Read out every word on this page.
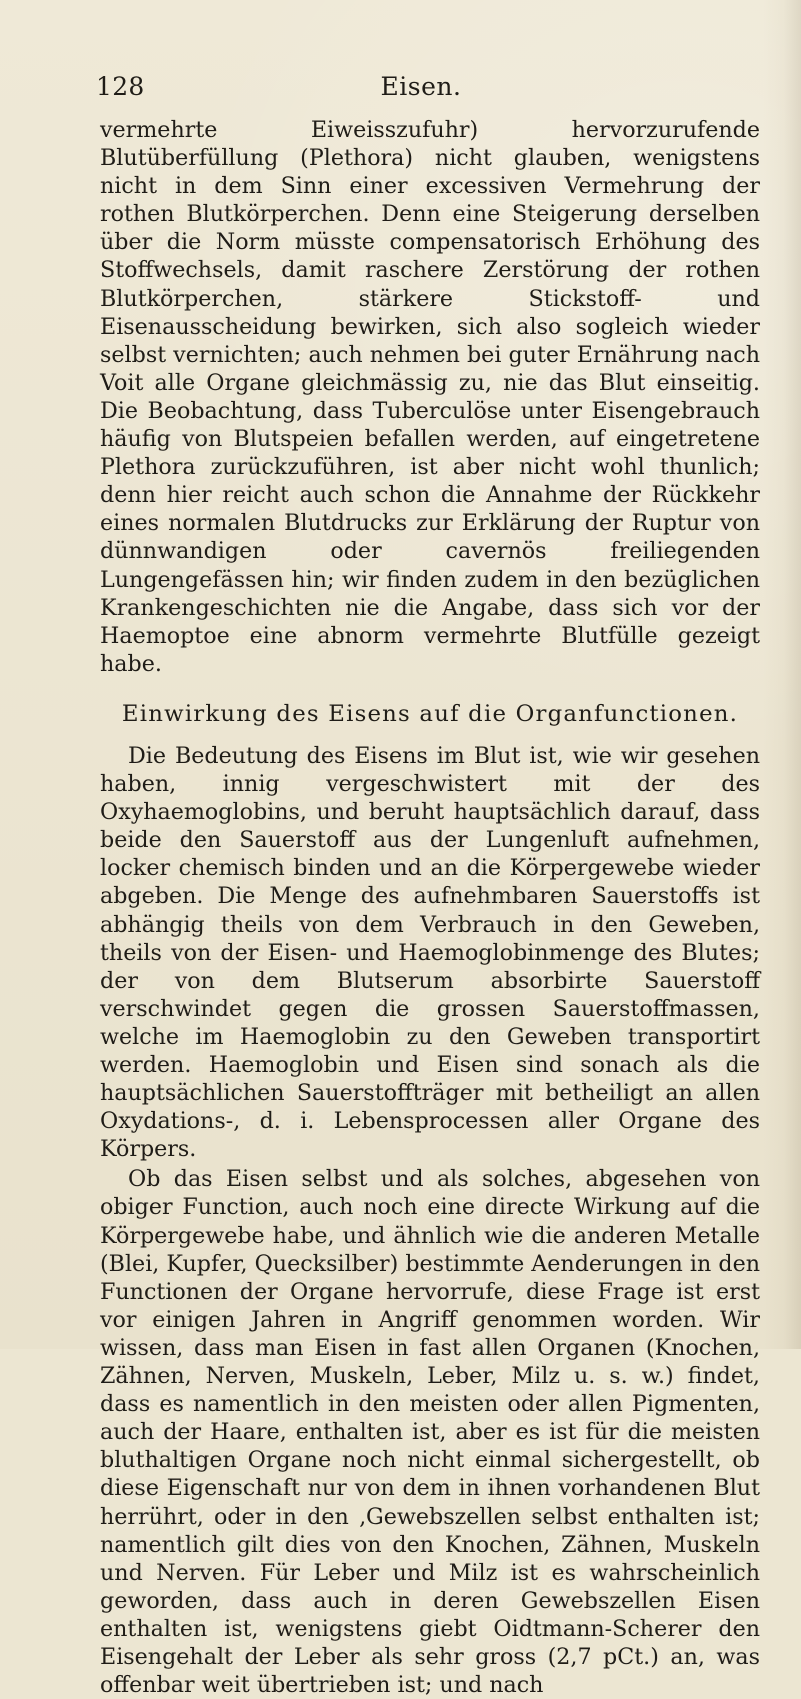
128	Eisen.

vermehrte Eiweisszufuhr) hervorzurufende Blutüberfüllung (Plethora) nicht glauben, wenigstens nicht in dem Sinn einer excessiven Vermehrung der rothen Blutkörperchen. Denn eine Steigerung derselben über die Norm müsste compensatorisch Erhöhung des Stoffwechsels, damit raschere Zerstörung der rothen Blutkörperchen, stärkere Stickstoff- und Eisenausscheidung bewirken, sich also sogleich wieder selbst vernichten; auch nehmen bei guter Ernährung nach Voit alle Organe gleichmässig zu, nie das Blut einseitig. Die Beobachtung, dass Tuberculöse unter Eisengebrauch häufig von Blutspeien befallen werden, auf eingetretene Plethora zurückzuführen, ist aber nicht wohl thunlich; denn hier reicht auch schon die Annahme der Rückkehr eines normalen Blutdrucks zur Erklärung der Ruptur von dünnwandigen oder cavernös freiliegenden Lungengefässen hin; wir finden zudem in den bezüglichen Krankengeschichten nie die Angabe, dass sich vor der Haemoptoe eine abnorm vermehrte Blutfülle gezeigt habe.

Einwirkung des Eisens auf die Organfunctionen.

Die Bedeutung des Eisens im Blut ist, wie wir gesehen haben, innig vergeschwistert mit der des Oxyhaemoglobins, und beruht hauptsächlich darauf, dass beide den Sauerstoff aus der Lungenluft aufnehmen, locker chemisch binden und an die Körpergewebe wieder abgeben. Die Menge des aufnehmbaren Sauerstoffs ist abhängig theils von dem Verbrauch in den Geweben, theils von der Eisen- und Haemoglobinmenge des Blutes; der von dem Blutserum absorbirte Sauerstoff verschwindet gegen die grossen Sauerstoffmassen, welche im Haemoglobin zu den Geweben transportirt werden. Haemoglobin und Eisen sind sonach als die hauptsächlichen Sauerstoffträger mit betheiligt an allen Oxydations-, d. i. Lebensprocessen aller Organe des Körpers.

Ob das Eisen selbst und als solches, abgesehen von obiger Function, auch noch eine directe Wirkung auf die Körpergewebe habe, und ähnlich wie die anderen Metalle (Blei, Kupfer, Quecksilber) bestimmte Aenderungen in den Functionen der Organe hervorrufe, diese Frage ist erst vor einigen Jahren in Angriff genommen worden. Wir wissen, dass man Eisen in fast allen Organen (Knochen, Zähnen, Nerven, Muskeln, Leber, Milz u. s. w.) findet, dass es namentlich in den meisten oder allen Pigmenten, auch der Haare, enthalten ist, aber es ist für die meisten bluthaltigen Organe noch nicht einmal sichergestellt, ob diese Eigenschaft nur von dem in ihnen vorhandenen Blut herrührt, oder in den ‚Gewebszellen selbst enthalten ist; namentlich gilt dies von den Knochen, Zähnen, Muskeln und Nerven. Für Leber und Milz ist es wahrscheinlich geworden, dass auch in deren Gewebszellen Eisen enthalten ist, wenigstens giebt Oidtmann-Scherer den Eisengehalt der Leber als sehr gross (2,7 pCt.) an, was offenbar weit übertrieben ist; und nach
